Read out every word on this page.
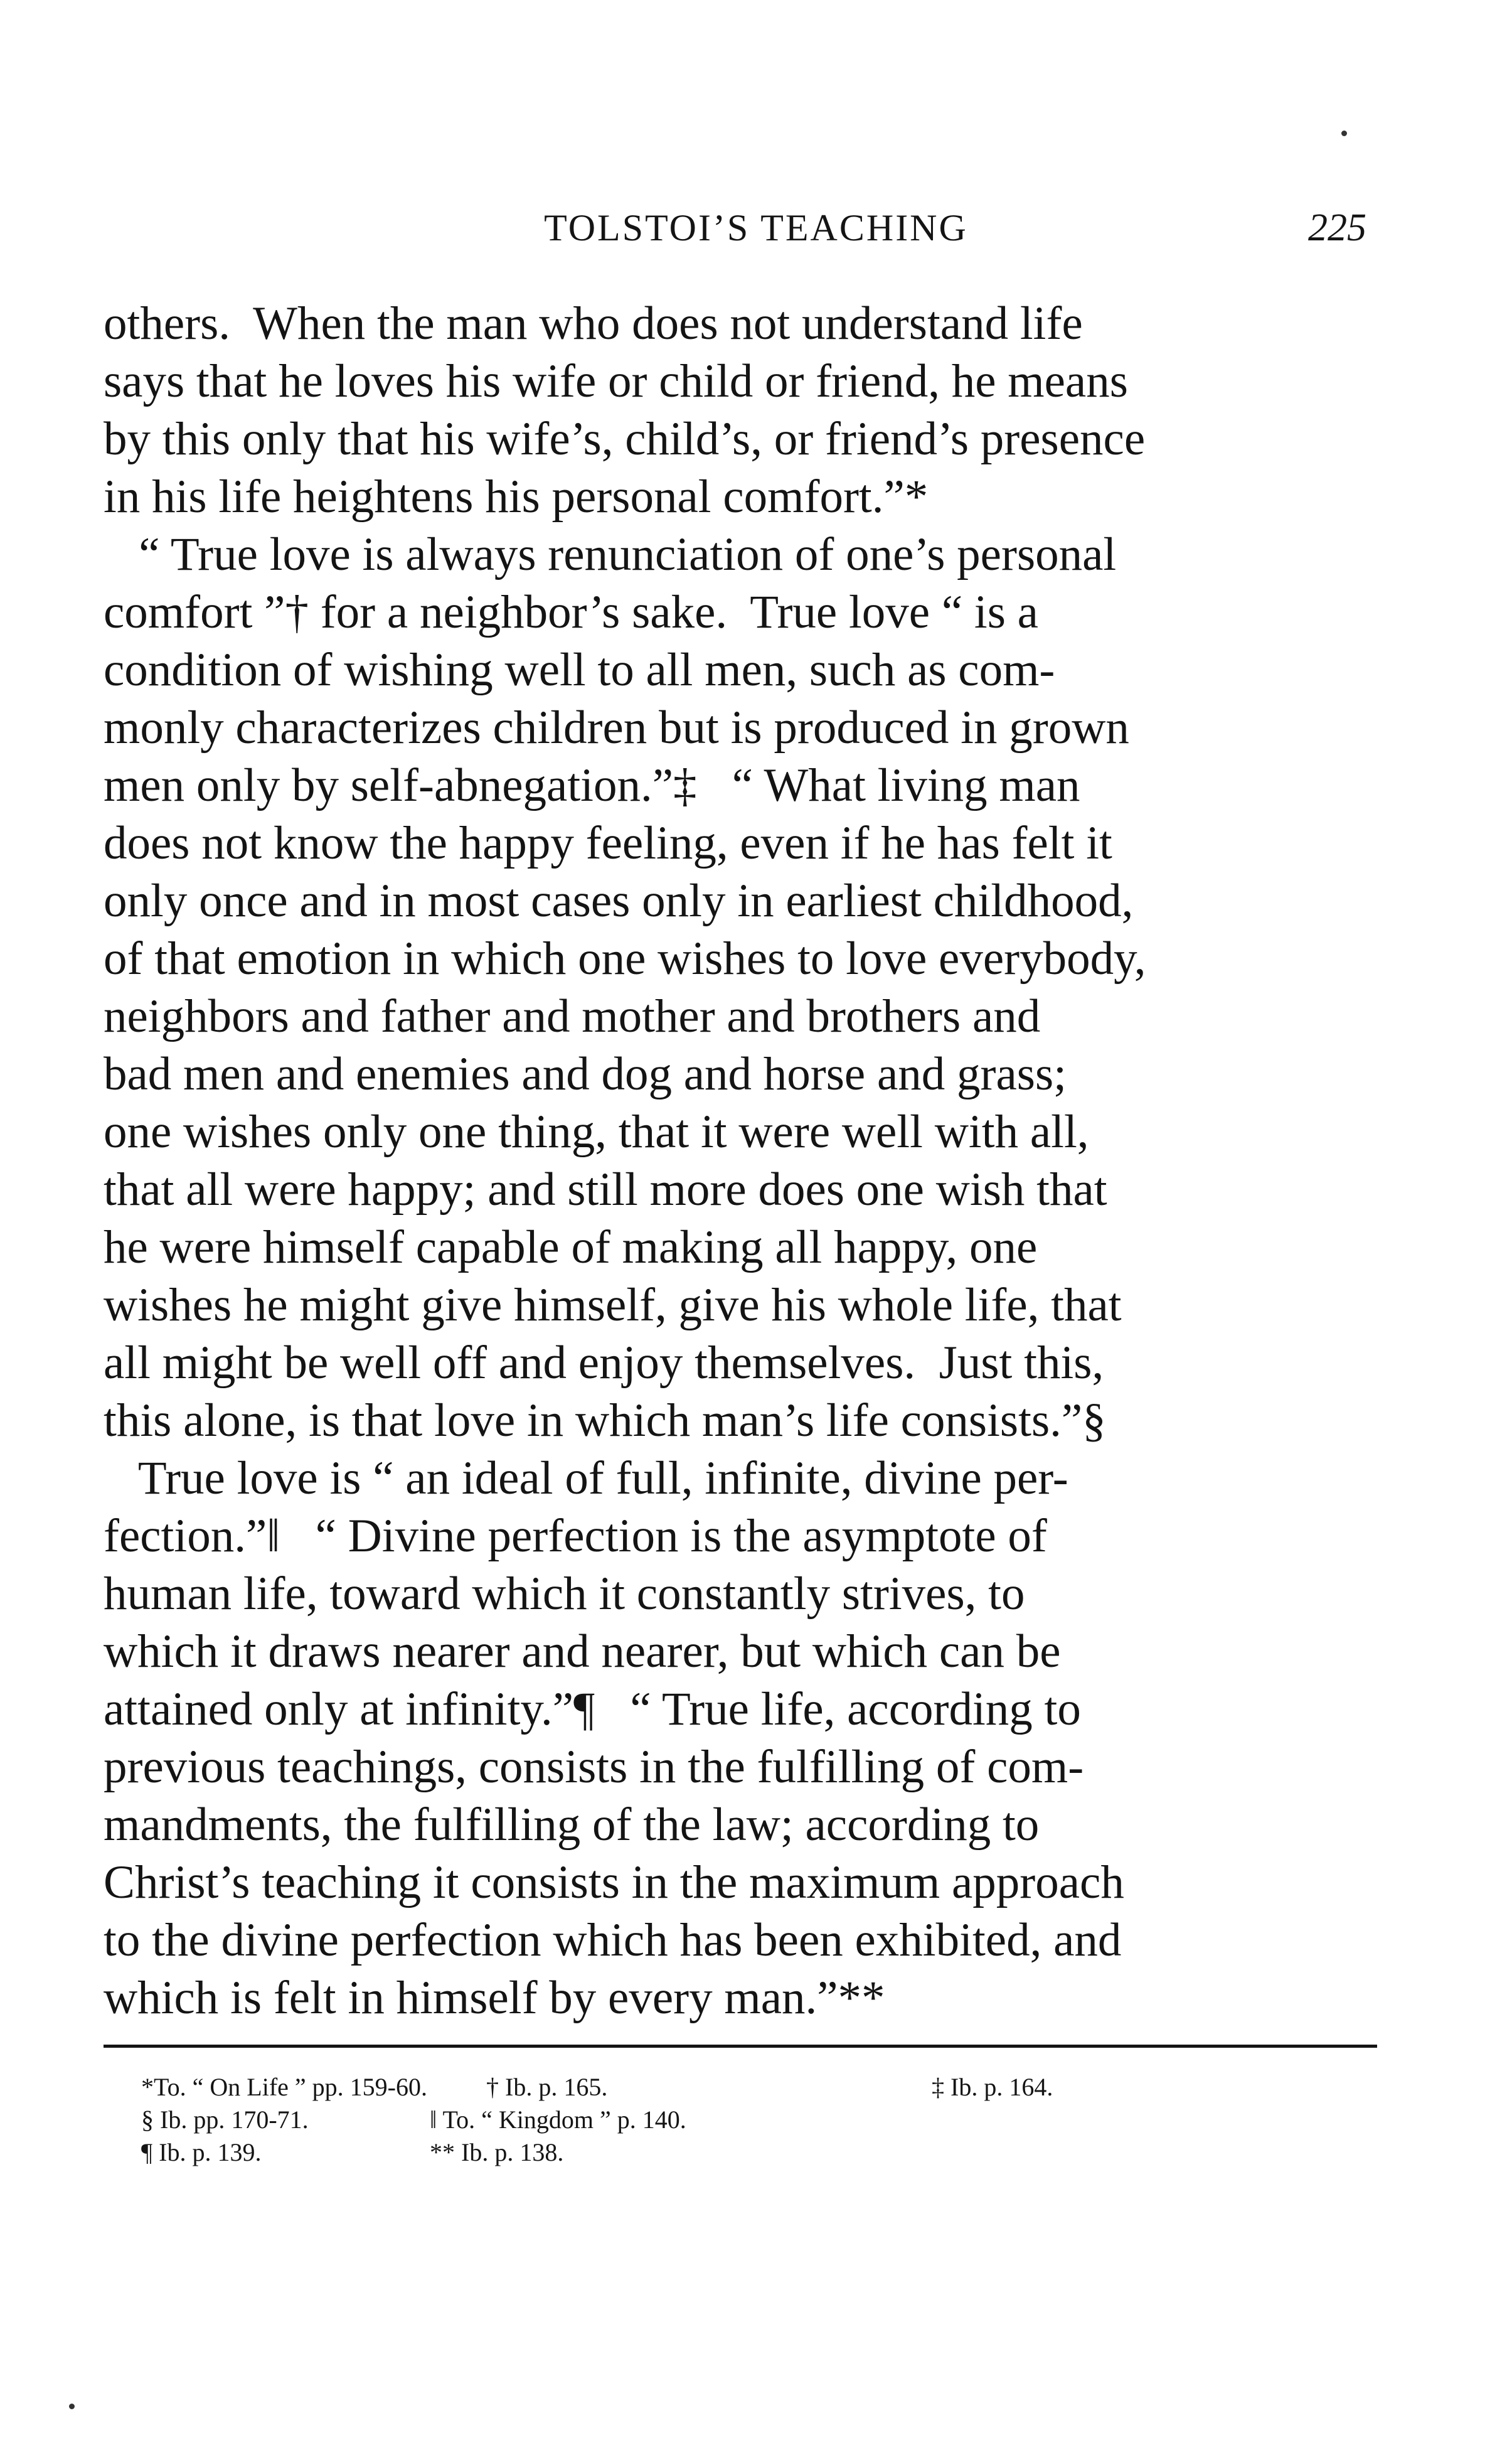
TOLSTOI’S TEACHING	225
others.  When the man who does not understand life
says that he loves his wife or child or friend, he means
by this only that his wife’s, child’s, or friend’s presence
in his life heightens his personal comfort.”*
“ True love is always renunciation of one’s personal
comfort ”† for a neighbor’s sake.  True love “ is a
condition of wishing well to all men, such as com-
monly characterizes children but is produced in grown
men only by self-abnegation.”‡   “ What living man
does not know the happy feeling, even if he has felt it
only once and in most cases only in earliest childhood,
of that emotion in which one wishes to love everybody,
neighbors and father and mother and brothers and
bad men and enemies and dog and horse and grass;
one wishes only one thing, that it were well with all,
that all were happy; and still more does one wish that
he were himself capable of making all happy, one
wishes he might give himself, give his whole life, that
all might be well off and enjoy themselves.  Just this,
this alone, is that love in which man’s life consists.”§
True love is “ an ideal of full, infinite, divine per-
fection.”‖   “ Divine perfection is the asymptote of
human life, toward which it constantly strives, to
which it draws nearer and nearer, but which can be
attained only at infinity.”¶   “ True life, according to
previous teachings, consists in the fulfilling of com-
mandments, the fulfilling of the law; according to
Christ’s teaching it consists in the maximum approach
to the divine perfection which has been exhibited, and
which is felt in himself by every man.”**
*To. “ On Life ” pp. 159-60. † Ib. p. 165.	‡ Ib. p. 164.
§ Ib. pp. 170-71.	‖ To. “ Kingdom ” p. 140.
¶ Ib. p. 139.	** Ib. p. 138.
